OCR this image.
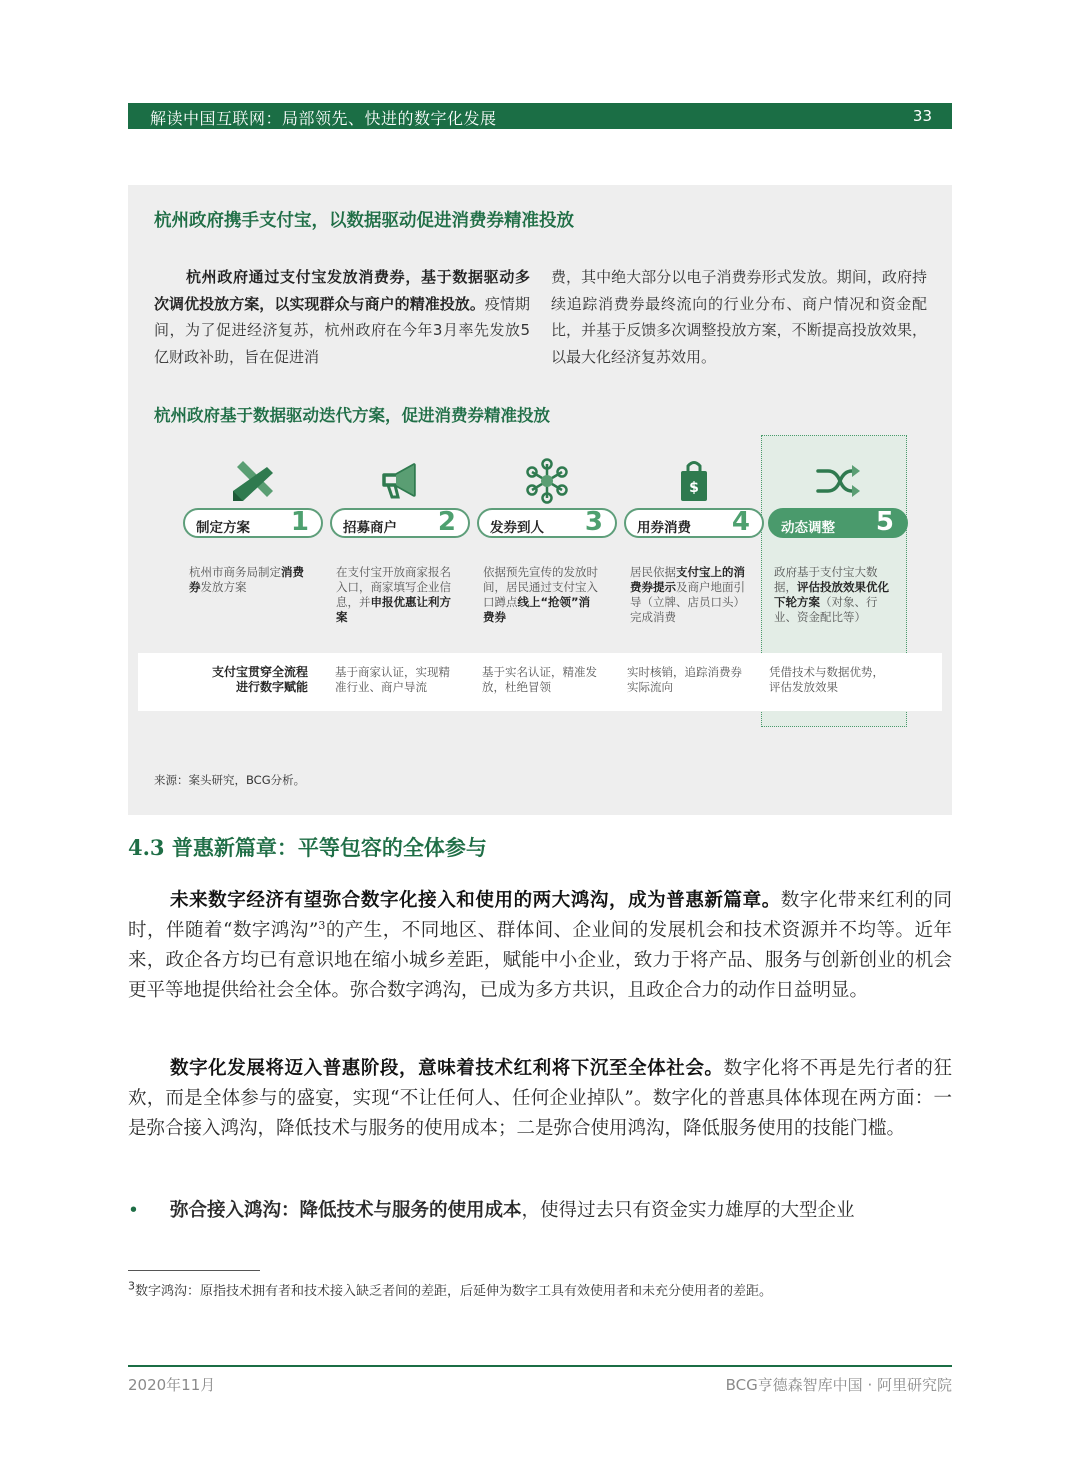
解读中国互联网：局部领先、快进的数字化发展	33
杭州政府携手支付宝，以数据驱动促进消费券精准投放
杭州政府通过支付宝发放消费券，基于数据驱动多次调优投放方案，以实现群众与商户的精准投放。疫情期间，为了促进经济复苏，杭州政府在今年3月率先发放5亿财政补助，旨在促进消
费，其中绝大部分以电子消费券形式发放。期间，政府持续追踪消费券最终流向的行业分布、商户情况和资金配比，并基于反馈多次调整投放方案，不断提高投放效果，以最大化经济复苏效用。
杭州政府基于数据驱动迭代方案，促进消费券精准投放
制定方案 1
杭州市商务局制定消费券发放方案
招募商户 2
在支付宝开放商家报名入口，商家填写企业信息，并申报优惠让利方案
发券到人 3
依据预先宣传的发放时间，居民通过支付宝入口蹲点线上“抢领”消费券
$
用券消费 4
居民依据支付宝上的消费券提示及商户地面引导（立牌、店员口头）完成消费
动态调整 5
政府基于支付宝大数据，评估投放效果优化下轮方案（对象、行业、资金配比等）
支付宝贯穿全流程
进行数字赋能
基于商家认证，实现精准行业、商户导流
基于实名认证，精准发放，杜绝冒领
实时核销，追踪消费券实际流向
凭借技术与数据优势，评估发放效果
来源：案头研究，BCG分析。
4.3 普惠新篇章：平等包容的全体参与
未来数字经济有望弥合数字化接入和使用的两大鸿沟，成为普惠新篇章。数字化带来红利的同时，伴随着“数字鸿沟”$^3$的产生，不同地区、群体间、企业间的发展机会和技术资源并不均等。近年来，政企各方均已有意识地在缩小城乡差距，赋能中小企业，致力于将产品、服务与创新创业的机会更平等地提供给社会全体。弥合数字鸿沟，已成为多方共识，且政企合力的动作日益明显。
数字化发展将迈入普惠阶段，意味着技术红利将下沉至全体社会。数字化将不再是先行者的狂欢，而是全体参与的盛宴，实现“不让任何人、任何企业掉队”。数字化的普惠具体体现在两方面：一是弥合接入鸿沟，降低技术与服务的使用成本；二是弥合使用鸿沟，降低服务使用的技能门槛。
• 弥合接入鸿沟：降低技术与服务的使用成本，使得过去只有资金实力雄厚的大型企业
$^3$数字鸿沟：原指技术拥有者和技术接入缺乏者间的差距，后延伸为数字工具有效使用者和未充分使用者的差距。
2020年11月	BCG亨德森智库中国 · 阿里研究院
